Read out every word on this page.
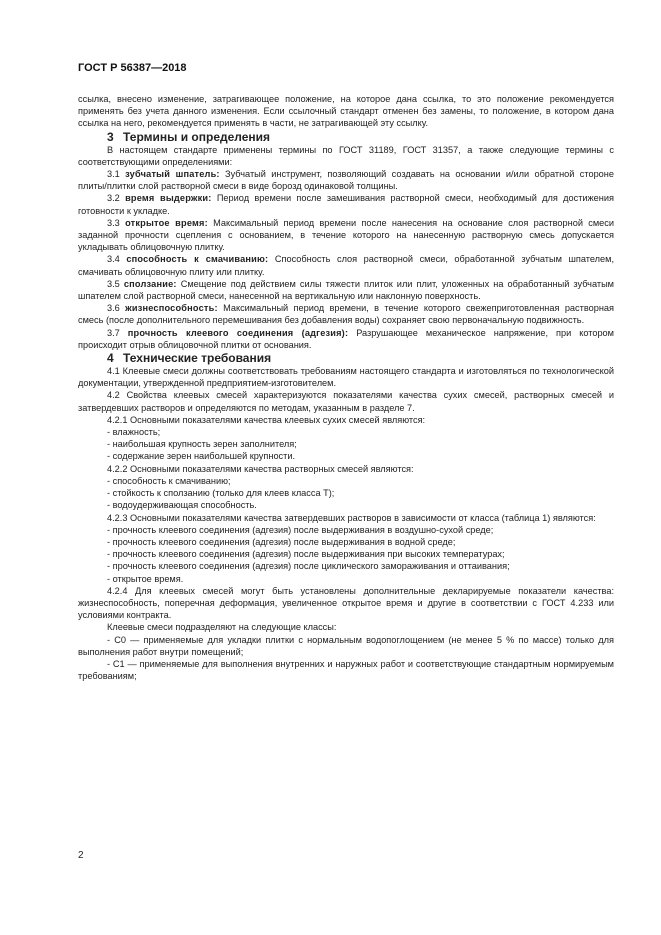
ГОСТ Р 56387—2018

ссылка, внесено изменение, затрагивающее положение, на которое дана ссылка, то это положение рекомендуется применять без учета данного изменения. Если ссылочный стандарт отменен без замены, то положение, в котором дана ссылка на него, рекомендуется применять в части, не затрагивающей эту ссылку.

3 Термины и определения

В настоящем стандарте применены термины по ГОСТ 31189, ГОСТ 31357, а также следующие термины с соответствующими определениями:

3.1 зубчатый шпатель: Зубчатый инструмент, позволяющий создавать на основании и/или обратной стороне плиты/плитки слой растворной смеси в виде борозд одинаковой толщины.

3.2 время выдержки: Период времени после замешивания растворной смеси, необходимый для достижения готовности к укладке.

3.3 открытое время: Максимальный период времени после нанесения на основание слоя растворной смеси заданной прочности сцепления с основанием, в течение которого на нанесенную растворную смесь допускается укладывать облицовочную плитку.

3.4 способность к смачиванию: Способность слоя растворной смеси, обработанной зубчатым шпателем, смачивать облицовочную плиту или плитку.

3.5 сползание: Смещение под действием силы тяжести плиток или плит, уложенных на обработанный зубчатым шпателем слой растворной смеси, нанесенной на вертикальную или наклонную поверхность.

3.6 жизнеспособность: Максимальный период времени, в течение которого свежеприготовленная растворная смесь (после дополнительного перемешивания без добавления воды) сохраняет свою первоначальную подвижность.

3.7 прочность клеевого соединения (адгезия): Разрушающее механическое напряжение, при котором происходит отрыв облицовочной плитки от основания.

4 Технические требования

4.1 Клеевые смеси должны соответствовать требованиям настоящего стандарта и изготовляться по технологической документации, утвержденной предприятием-изготовителем.

4.2 Свойства клеевых смесей характеризуются показателями качества сухих смесей, растворных смесей и затвердевших растворов и определяются по методам, указанным в разделе 7.

4.2.1 Основными показателями качества клеевых сухих смесей являются:

- влажность;

- наибольшая крупность зерен заполнителя;

- содержание зерен наибольшей крупности.

4.2.2 Основными показателями качества растворных смесей являются:

- способность к смачиванию;

- стойкость к сползанию (только для клеев класса Т);

- водоудерживающая способность.

4.2.3 Основными показателями качества затвердевших растворов в зависимости от класса (таблица 1) являются:

- прочность клеевого соединения (адгезия) после выдерживания в воздушно-сухой среде;

- прочность клеевого соединения (адгезия) после выдерживания в водной среде;

- прочность клеевого соединения (адгезия) после выдерживания при высоких температурах;

- прочность клеевого соединения (адгезия) после циклического замораживания и оттаивания;

- открытое время.

4.2.4 Для клеевых смесей могут быть установлены дополнительные декларируемые показатели качества: жизнеспособность, поперечная деформация, увеличенное открытое время и другие в соответствии с ГОСТ 4.233 или условиями контракта.

Клеевые смеси подразделяют на следующие классы:

- С0 — применяемые для укладки плитки с нормальным водопоглощением (не менее 5 % по массе) только для выполнения работ внутри помещений;

- С1 — применяемые для выполнения внутренних и наружных работ и соответствующие стандартным нормируемым требованиям;

2
